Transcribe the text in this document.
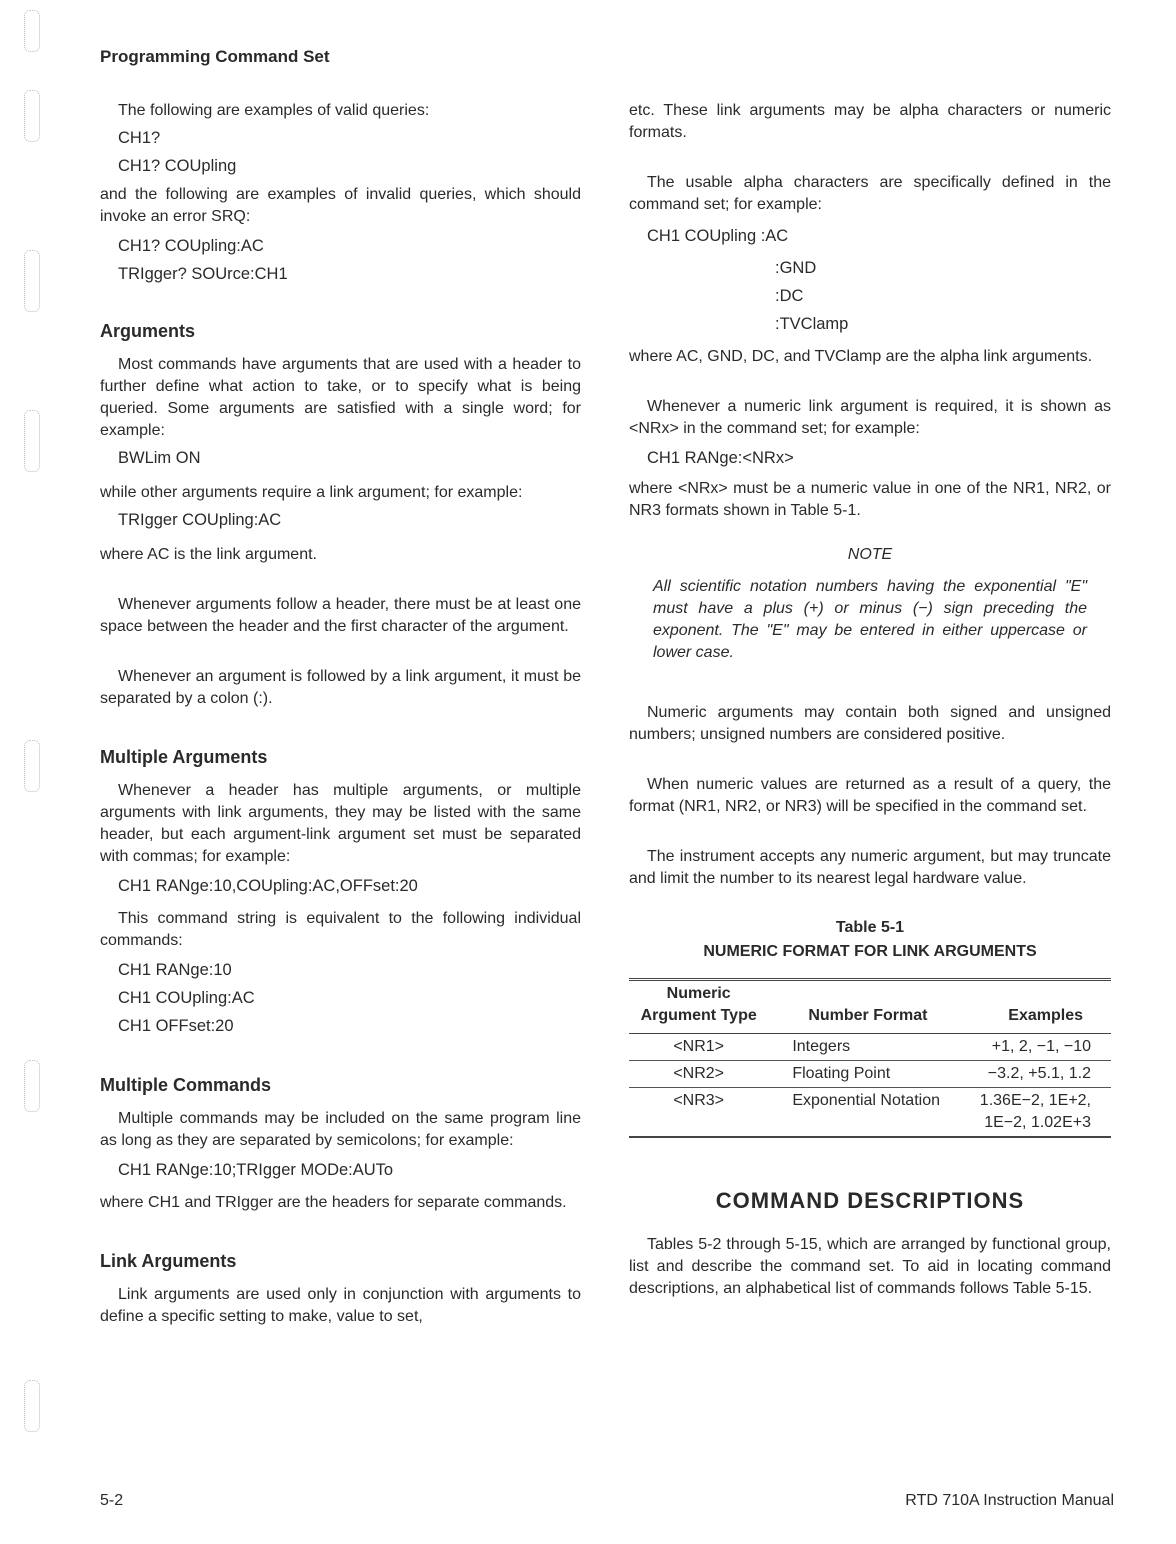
Programming Command Set

The following are examples of valid queries:

CH1?
CH1? COUpling

and the following are examples of invalid queries, which should invoke an error SRQ:

CH1? COUpling:AC
TRIgger? SOUrce:CH1
Arguments

Most commands have arguments that are used with a header to further define what action to take, or to specify what is being queried. Some arguments are satisfied with a single word; for example:

BWLim ON

while other arguments require a link argument; for example:

TRIgger COUpling:AC

where AC is the link argument.

Whenever arguments follow a header, there must be at least one space between the header and the first character of the argument.

Whenever an argument is followed by a link argument, it must be separated by a colon (:).

Multiple Arguments

Whenever a header has multiple arguments, or multiple arguments with link arguments, they may be listed with the same header, but each argument-link argument set must be separated with commas; for example:

CH1 RANge:10,COUpling:AC,OFFset:20

This command string is equivalent to the following individual commands:

CH1 RANge:10
CH1 COUpling:AC
CH1 OFFset:20
Multiple Commands

Multiple commands may be included on the same program line as long as they are separated by semicolons; for example:

CH1 RANge:10;TRIgger MODe:AUTo

where CH1 and TRIgger are the headers for separate commands.

Link Arguments

Link arguments are used only in conjunction with arguments to define a specific setting to make, value to set,

etc. These link arguments may be alpha characters or numeric formats.

The usable alpha characters are specifically defined in the command set; for example:

CH1 COUpling :AC
:GND
:DC
:TVClamp

where AC, GND, DC, and TVClamp are the alpha link arguments.

Whenever a numeric link argument is required, it is shown as <NRx> in the command set; for example:

CH1 RANge:<NRx>

where <NRx> must be a numeric value in one of the NR1, NR2, or NR3 formats shown in Table 5-1.

NOTE

All scientific notation numbers having the exponential "E" must have a plus (+) or minus (−) sign preceding the exponent. The "E" may be entered in either uppercase or lower case.

Numeric arguments may contain both signed and unsigned numbers; unsigned numbers are considered positive.

When numeric values are returned as a result of a query, the format (NR1, NR2, or NR3) will be specified in the command set.

The instrument accepts any numeric argument, but may truncate and limit the number to its nearest legal hardware value.

Table 5-1
NUMERIC FORMAT FOR LINK ARGUMENTS
Numeric Argument Type	Number Format	Examples
<NR1>	Integers	+1, 2, −1, −10
<NR2>	Floating Point	−3.2, +5.1, 1.2
<NR3>	Exponential Notation	1.36E−2, 1E+2, 1E−2, 1.02E+3
COMMAND DESCRIPTIONS

Tables 5-2 through 5-15, which are arranged by functional group, list and describe the command set. To aid in locating command descriptions, an alphabetical list of commands follows Table 5-15.

5-2	RTD 710A Instruction Manual
